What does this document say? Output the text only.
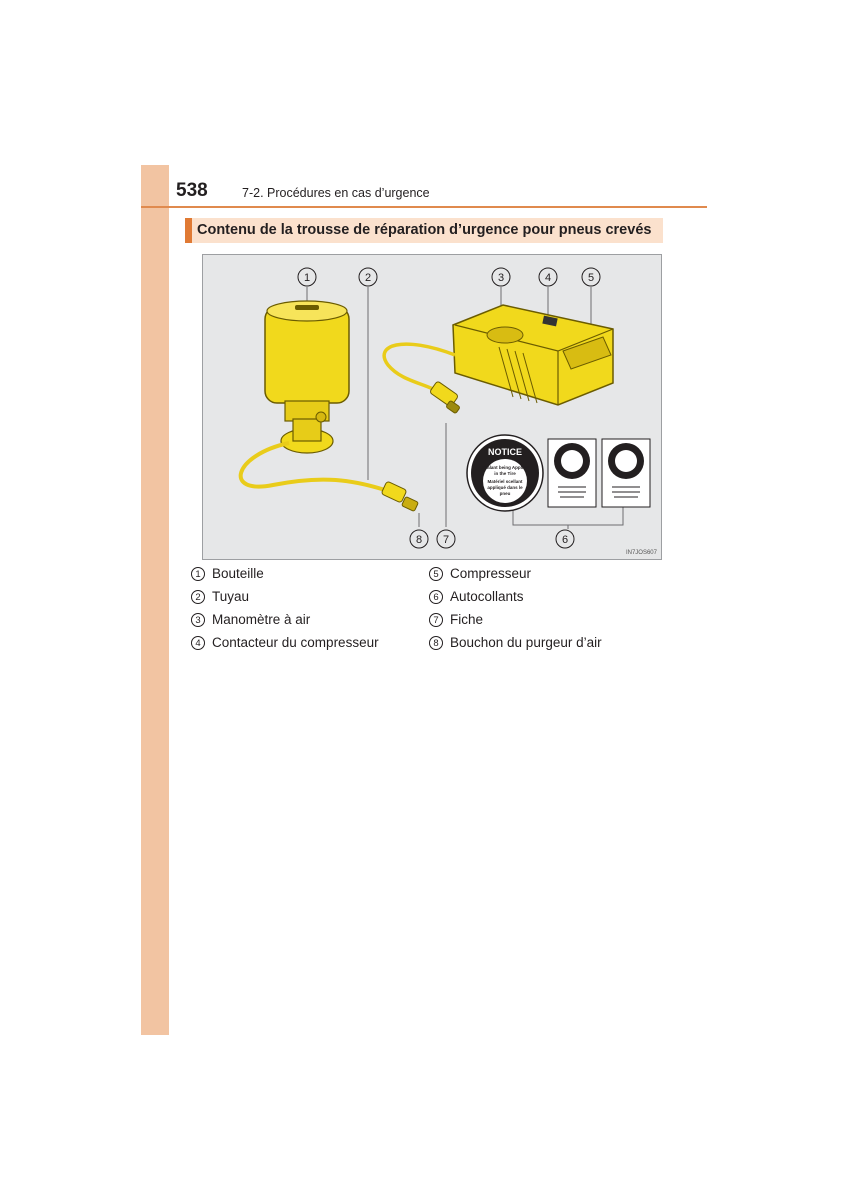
538	7-2. Procédures en cas d’urgence
Contenu de la trousse de réparation d’urgence pour pneus crevés
NOTICE
Sealant being Applied
in the Tire
Matériel scellant
appliqué dans le
pneu
1	2	3	4	5
6
7
8
IN7JOS607
1 Bouteille
2 Tuyau
3 Manomètre à air
4 Contacteur du compresseur
5 Compresseur
6 Autocollants
7 Fiche
8 Bouchon du purgeur d’air
